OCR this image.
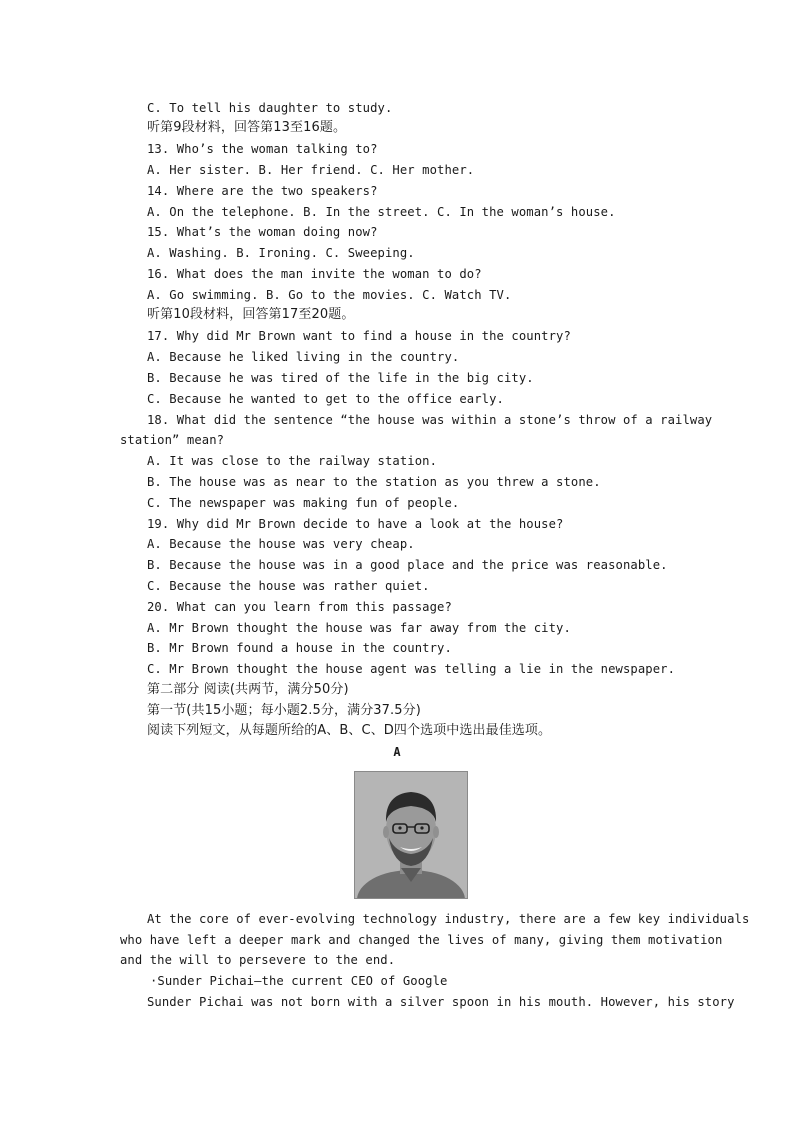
C. To tell his daughter to study.
听第9段材料，回答第13至16题。
13. Who’s the woman talking to?
A. Her sister. B. Her friend. C. Her mother.
14. Where are the two speakers?
A. On the telephone. B. In the street. C. In the woman’s house.
15. What’s the woman doing now?
A. Washing. B. Ironing. C. Sweeping.
16. What does the man invite the woman to do?
A. Go swimming. B. Go to the movies. C. Watch TV.
听第10段材料，回答第17至20题。
17. Why did Mr Brown want to find a house in the country?
A. Because he liked living in the country.
B. Because he was tired of the life in the big city.
C. Because he wanted to get to the office early.
18. What did the sentence “the house was within a stone’s throw of a railway
station” mean?
A. It was close to the railway station.
B. The house was as near to the station as you threw a stone.
C. The newspaper was making fun of people.
19. Why did Mr Brown decide to have a look at the house?
A. Because the house was very cheap.
B. Because the house was in a good place and the price was reasonable.
C. Because the house was rather quiet.
20. What can you learn from this passage?
A. Mr Brown thought the house was far away from the city.
B. Mr Brown found a house in the country.
C. Mr Brown thought the house agent was telling a lie in the newspaper.
第二部分 阅读(共两节，满分50分)
第一节(共15小题；每小题2.5分，满分37.5分)
阅读下列短文，从每题所给的A、B、C、D四个选项中选出最佳选项。
A
At the core of ever-evolving technology industry, there are a few key individuals
who have left a deeper mark and changed the lives of many, giving them motivation
and the will to persevere to the end.
·Sunder Pichai—the current CEO of Google
Sunder Pichai was not born with a silver spoon in his mouth. However, his story
